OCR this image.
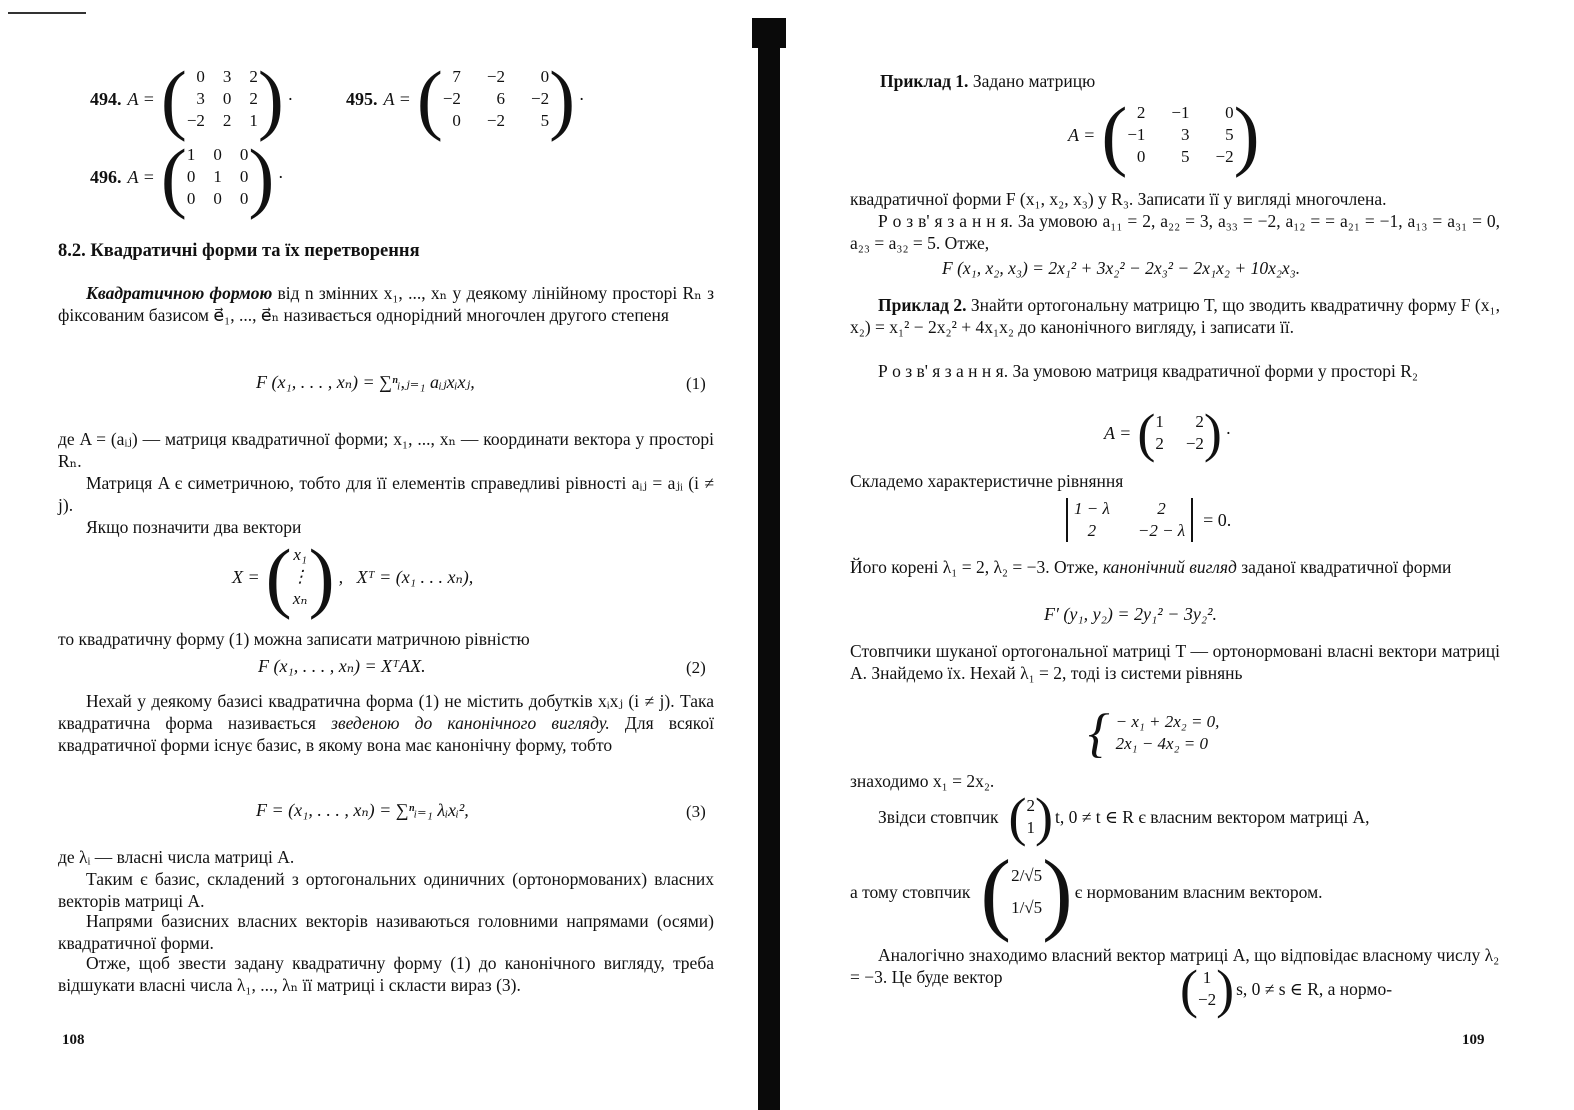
494. A = ( 0 3 2
3 0 2
−2 2 1 ) ·	495. A = ( 7 −2	0
−2	6 −2
0 −2	5 ) ·
496. A = ( 1 0 0
0 1 0
0 0 0 ) ·
8.2. Квадратичні форми та їх перетворення

Квадратичною формою від n змінних x₁, ..., xₙ у деякому лінійному просторі Rₙ з фіксованим базисом e⃗₁, ..., e⃗ₙ називається однорідний многочлен другого степеня

F (x₁, . . . , xₙ) = ∑ⁿᵢ,ⱼ₌₁ aᵢⱼxᵢxⱼ,	(1)

де A = (aᵢⱼ) — матриця квадратичної форми; x₁, ..., xₙ — координати вектора у просторі Rₙ.

Матриця A є симетричною, тобто для її елементів справедливі рівності aᵢⱼ = aⱼᵢ (i ≠ j).

Якщо позначити два вектори

X = ( x₁
⋮
xₙ ) ,   Xᵀ = (x₁ . . . xₙ),

то квадратичну форму (1) можна записати матричною рівністю

F (x₁, . . . , xₙ) = XᵀAX.	(2)

Нехай у деякому базисі квадратична форма (1) не містить добутків xᵢxⱼ (i ≠ j). Така квадратична форма називається зведеною до канонічного вигляду. Для всякої квадратичної форми існує базис, в якому вона має канонічну форму, тобто

F = (x₁, . . . , xₙ) = ∑ⁿᵢ₌₁ λᵢxᵢ²,	(3)

де λᵢ — власні числа матриці A.

Таким є базис, складений з ортогональних одиничних (ортонормованих) власних векторів матриці A.

Напрями базисних власних векторів називаються головними напрямами (осями) квадратичної форми.

Отже, щоб звести задану квадратичну форму (1) до канонічного вигляду, треба відшукати власні числа λ₁, ..., λₙ її матриці і скласти вираз (3).

108

Приклад 1. Задано матрицю

A = ( 2 −1	0
−1	3	5
0	5 −2 )

квадратичної форми F (x₁, x₂, x₃) у R₃. Записати її у вигляді многочлена.

Р о з в' я з а н н я. За умовою a₁₁ = 2, a₂₂ = 3, a₃₃ = −2, a₁₂ = = a₂₁ = −1, a₁₃ = a₃₁ = 0, a₂₃ = a₃₂ = 5. Отже,

F (x₁, x₂, x₃) = 2x₁² + 3x₂² − 2x₃² − 2x₁x₂ + 10x₂x₃.

Приклад 2. Знайти ортогональну матрицю T, що зводить квадратичну форму F (x₁, x₂) = x₁² − 2x₂² + 4x₁x₂ до канонічного вигляду, і записати її.

Р о з в' я з а н н я. За умовою матриця квадратичної форми у просторі R₂

A = ( 1	2
2 −2 ) ·

Складемо характеристичне рівняння

1 − λ	2
2	−2 − λ
= 0.

Його корені λ₁ = 2, λ₂ = −3. Отже, канонічний вигляд заданої квадратичної форми

F′ (y₁, y₂) = 2y₁² − 3y₂².

Стовпчики шуканої ортогональної матриці T — ортонормовані власні вектори матриці A. Знайдемо їх. Нехай λ₁ = 2, тоді із системи рівнянь

{ − x₁ + 2x₂ = 0,
2x₁ − 4x₂ = 0

знаходимо x₁ = 2x₂.

Звідси стовпчик ( 2
1 ) t, 0 ≠ t ∈ R є власним вектором матриці A,
а тому стовпчик ( 2/√5
1/√5 ) є нормованим власним вектором.
Аналогічно знаходимо власний вектор матриці A, що відповідає власному числу λ₂ = −3. Це буде вектор	( 1
−2 ) s, 0 ≠ s ∈ R, а нормо-
109
